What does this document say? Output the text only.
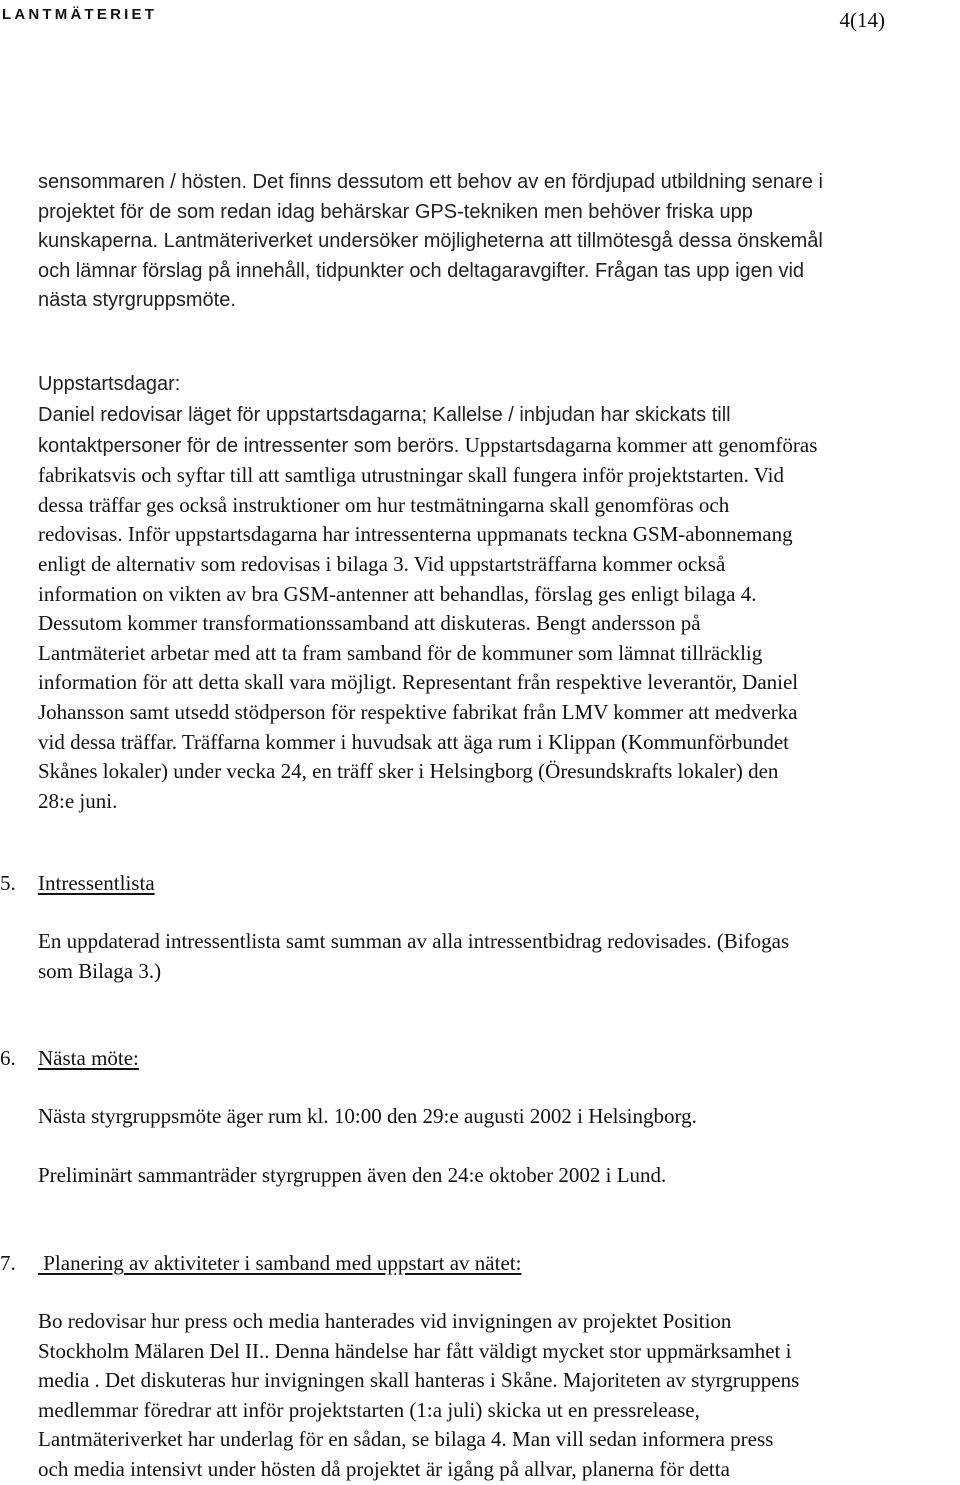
LANTMÄTERIET	4(14)

sensommaren / hösten. Det finns dessutom ett behov av en fördjupad utbildning senare i
projektet för de som redan idag behärskar GPS-tekniken men behöver friska upp
kunskaperna. Lantmäteriverket undersöker möjligheterna att tillmötesgå dessa önskemål
och lämnar förslag på innehåll, tidpunkter och deltagaravgifter. Frågan tas upp igen vid
nästa styrgruppsmöte.

Uppstartsdagar:

Daniel redovisar läget för uppstartsdagarna; Kallelse / inbjudan har skickats till
kontaktpersoner för de intressenter som berörs. Uppstartsdagarna kommer att genomföras
fabrikatsvis och syftar till att samtliga utrustningar skall fungera inför projektstarten. Vid
dessa träffar ges också instruktioner om hur testmätningarna skall genomföras och
redovisas. Inför uppstartsdagarna har intressenterna uppmanats teckna GSM-abonnemang
enligt de alternativ som redovisas i bilaga 3. Vid uppstartsträffarna kommer också
information on vikten av bra GSM-antenner att behandlas, förslag ges enligt bilaga 4.
Dessutom kommer transformationssamband att diskuteras. Bengt andersson på
Lantmäteriet arbetar med att ta fram samband för de kommuner som lämnat tillräcklig
information för att detta skall vara möjligt. Representant från respektive leverantör, Daniel
Johansson samt utsedd stödperson för respektive fabrikat från LMV kommer att medverka
vid dessa träffar. Träffarna kommer i huvudsak att äga rum i Klippan (Kommunförbundet
Skånes lokaler) under vecka 24, en träff sker i Helsingborg (Öresundskrafts lokaler) den
28:e juni.

5. Intressentlista

En uppdaterad intressentlista samt summan av alla intressentbidrag redovisades. (Bifogas
som Bilaga 3.)

6. Nästa möte:

Nästa styrgruppsmöte äger rum kl. 10:00 den 29:e augusti 2002 i Helsingborg.

Preliminärt sammanträder styrgruppen även den 24:e oktober 2002 i Lund.

7. Planering av aktiviteter i samband med uppstart av nätet:

Bo redovisar hur press och media hanterades vid invigningen av projektet Position
Stockholm Mälaren Del II.. Denna händelse har fått väldigt mycket stor uppmärksamhet i
media . Det diskuteras hur invigningen skall hanteras i Skåne. Majoriteten av styrgruppens
medlemmar föredrar att inför projektstarten (1:a juli) skicka ut en pressrelease,
Lantmäteriverket har underlag för en sådan, se bilaga 4. Man vill sedan informera press
och media intensivt under hösten då projektet är igång på allvar, planerna för detta
